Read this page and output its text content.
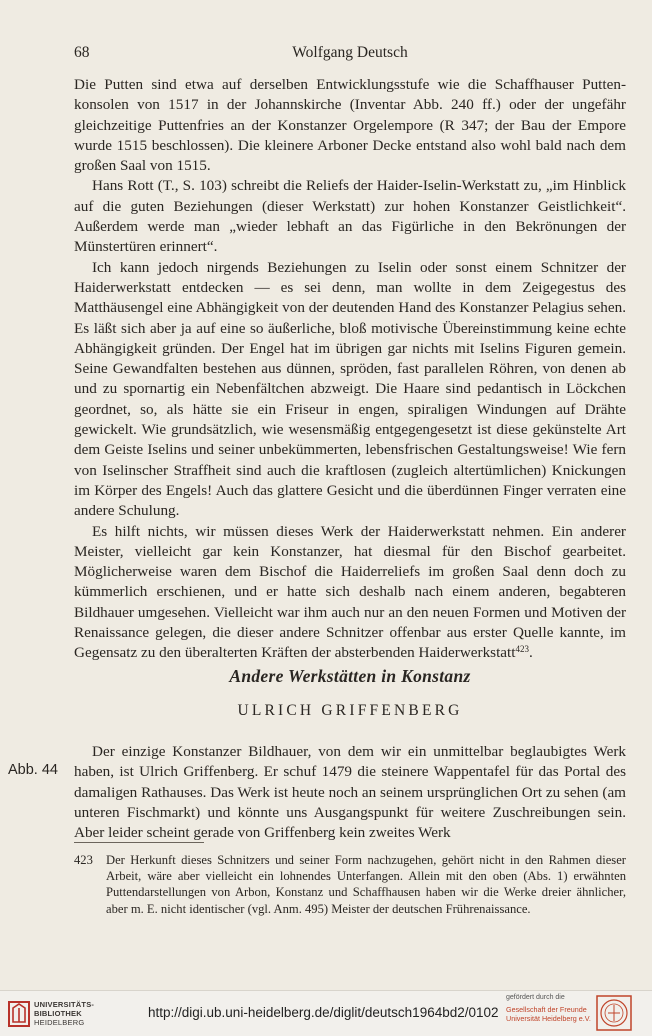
68	Wolfgang Deutsch

Die Putten sind etwa auf derselben Entwicklungsstufe wie die Schaffhauser Puttenkonsolen von 1517 in der Johannskirche (Inventar Abb. 240 ff.) oder der ungefähr gleichzeitige Puttenfries an der Konstanzer Orgelempore (R 347; der Bau der Empore wurde 1515 beschlossen). Die kleinere Arboner Decke entstand also wohl bald nach dem großen Saal von 1515.

Hans Rott (T., S. 103) schreibt die Reliefs der Haider-Iselin-Werkstatt zu, „im Hinblick auf die guten Beziehungen (dieser Werkstatt) zur hohen Konstanzer Geistlichkeit“. Außerdem werde man „wieder lebhaft an das Figürliche in den Bekrönungen der Münstertüren erinnert“.

Ich kann jedoch nirgends Beziehungen zu Iselin oder sonst einem Schnitzer der Haiderwerkstatt entdecken — es sei denn, man wollte in dem Zeigegestus des Matthäusengel eine Abhängigkeit von der deutenden Hand des Konstanzer Pelagius sehen. Es läßt sich aber ja auf eine so äußerliche, bloß motivische Übereinstimmung keine echte Abhängigkeit gründen. Der Engel hat im übrigen gar nichts mit Iselins Figuren gemein. Seine Gewandfalten bestehen aus dünnen, spröden, fast parallelen Röhren, von denen ab und zu spornartig ein Nebenfältchen abzweigt. Die Haare sind pedantisch in Löckchen geordnet, so, als hätte sie ein Friseur in engen, spiraligen Windungen auf Drähte gewickelt. Wie grundsätzlich, wie wesensmäßig entgegengesetzt ist diese gekünstelte Art dem Geiste Iselins und seiner unbekümmerten, lebensfrischen Gestaltungsweise! Wie fern von Iselinscher Straffheit sind auch die kraftlosen (zugleich altertümlichen) Knickungen im Körper des Engels! Auch das glattere Gesicht und die überdünnen Finger verraten eine andere Schulung.

Es hilft nichts, wir müssen dieses Werk der Haiderwerkstatt nehmen. Ein anderer Meister, vielleicht gar kein Konstanzer, hat diesmal für den Bischof gearbeitet. Möglicherweise waren dem Bischof die Haiderreliefs im großen Saal denn doch zu kümmerlich erschienen, und er hatte sich deshalb nach einem anderen, begabteren Bildhauer umgesehen. Vielleicht war ihm auch nur an den neuen Formen und Motiven der Renaissance gelegen, die dieser andere Schnitzer offenbar aus erster Quelle kannte, im Gegensatz zu den überalterten Kräften der absterbenden Haiderwerkstatt$^{423}$.

Andere Werkstätten in Konstanz
ULRICH GRIFFENBERG
Abb. 44

Der einzige Konstanzer Bildhauer, von dem wir ein unmittelbar beglaubigtes Werk haben, ist Ulrich Griffenberg. Er schuf 1479 die steinere Wappentafel für das Portal des damaligen Rathauses. Das Werk ist heute noch an seinem ursprünglichen Ort zu sehen (am unteren Fischmarkt) und könnte uns Ausgangspunkt für weitere Zuschreibungen sein. Aber leider scheint gerade von Griffenberg kein zweites Werk

423 Der Herkunft dieses Schnitzers und seiner Form nachzugehen, gehört nicht in den Rahmen dieser Arbeit, wäre aber vielleicht ein lohnendes Unterfangen. Allein mit den oben (Abs. 1) erwähnten Puttendarstellungen von Arbon, Konstanz und Schaffhausen haben wir die Werke dreier ähnlicher, aber m. E. nicht identischer (vgl. Anm. 495) Meister der deutschen Frührenaissance.
UNIVERSITÄTS-
BIBLIOTHEK
HEIDELBERG
http://digi.ub.uni-heidelberg.de/diglit/deutsch1964bd2/0102
gefördert durch die
Gesellschaft der Freunde
Universität Heidelberg e.V.
